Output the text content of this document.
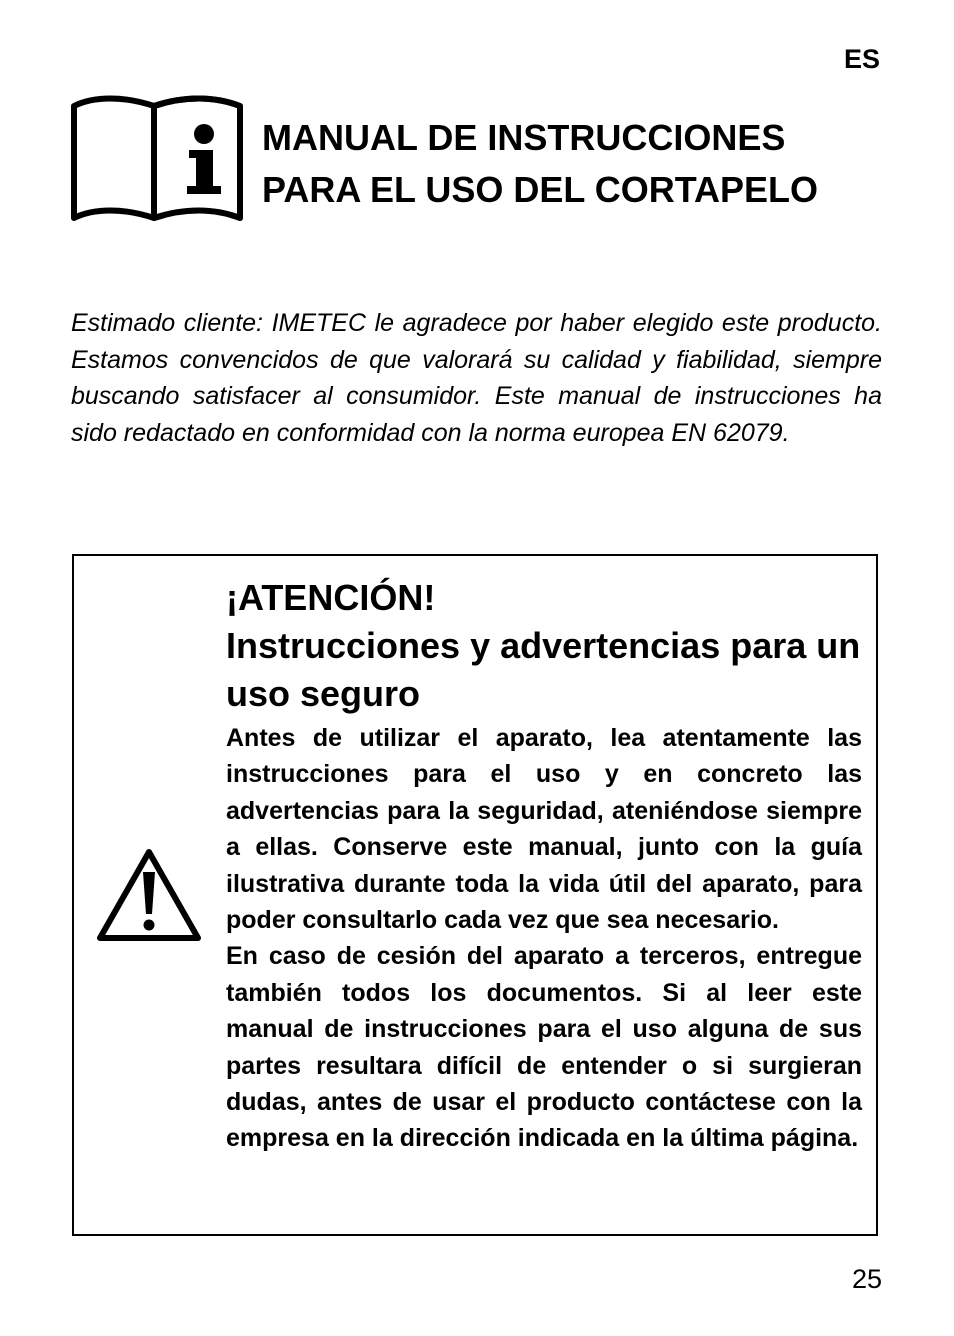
ES
MANUAL DE INSTRUCCIONES
PARA EL USO DEL CORTAPELO

Estimado cliente: IMETEC le agradece por haber elegido este producto. Estamos convencidos de que valorará su calidad y fiabilidad, siempre buscando satisfacer al consumidor. Este manual de instrucciones ha sido redactado en conformidad con la norma europea EN 62079.

¡ATENCIÓN!
Instrucciones y advertencias para un uso seguro
Antes de utilizar el aparato, lea atentamente las instrucciones para el uso y en concreto las advertencias para la seguridad, ateniéndose siempre a ellas. Conserve este manual, junto con la guía ilustrativa durante toda la vida útil del aparato, para poder consultarlo cada vez que sea necesario.
En caso de cesión del aparato a terceros, entregue también todos los documentos. Si al leer este manual de instrucciones para el uso alguna de sus partes resultara difícil de entender o si surgieran dudas, antes de usar el producto contáctese con la empresa en la dirección indicada en la última página.
25
